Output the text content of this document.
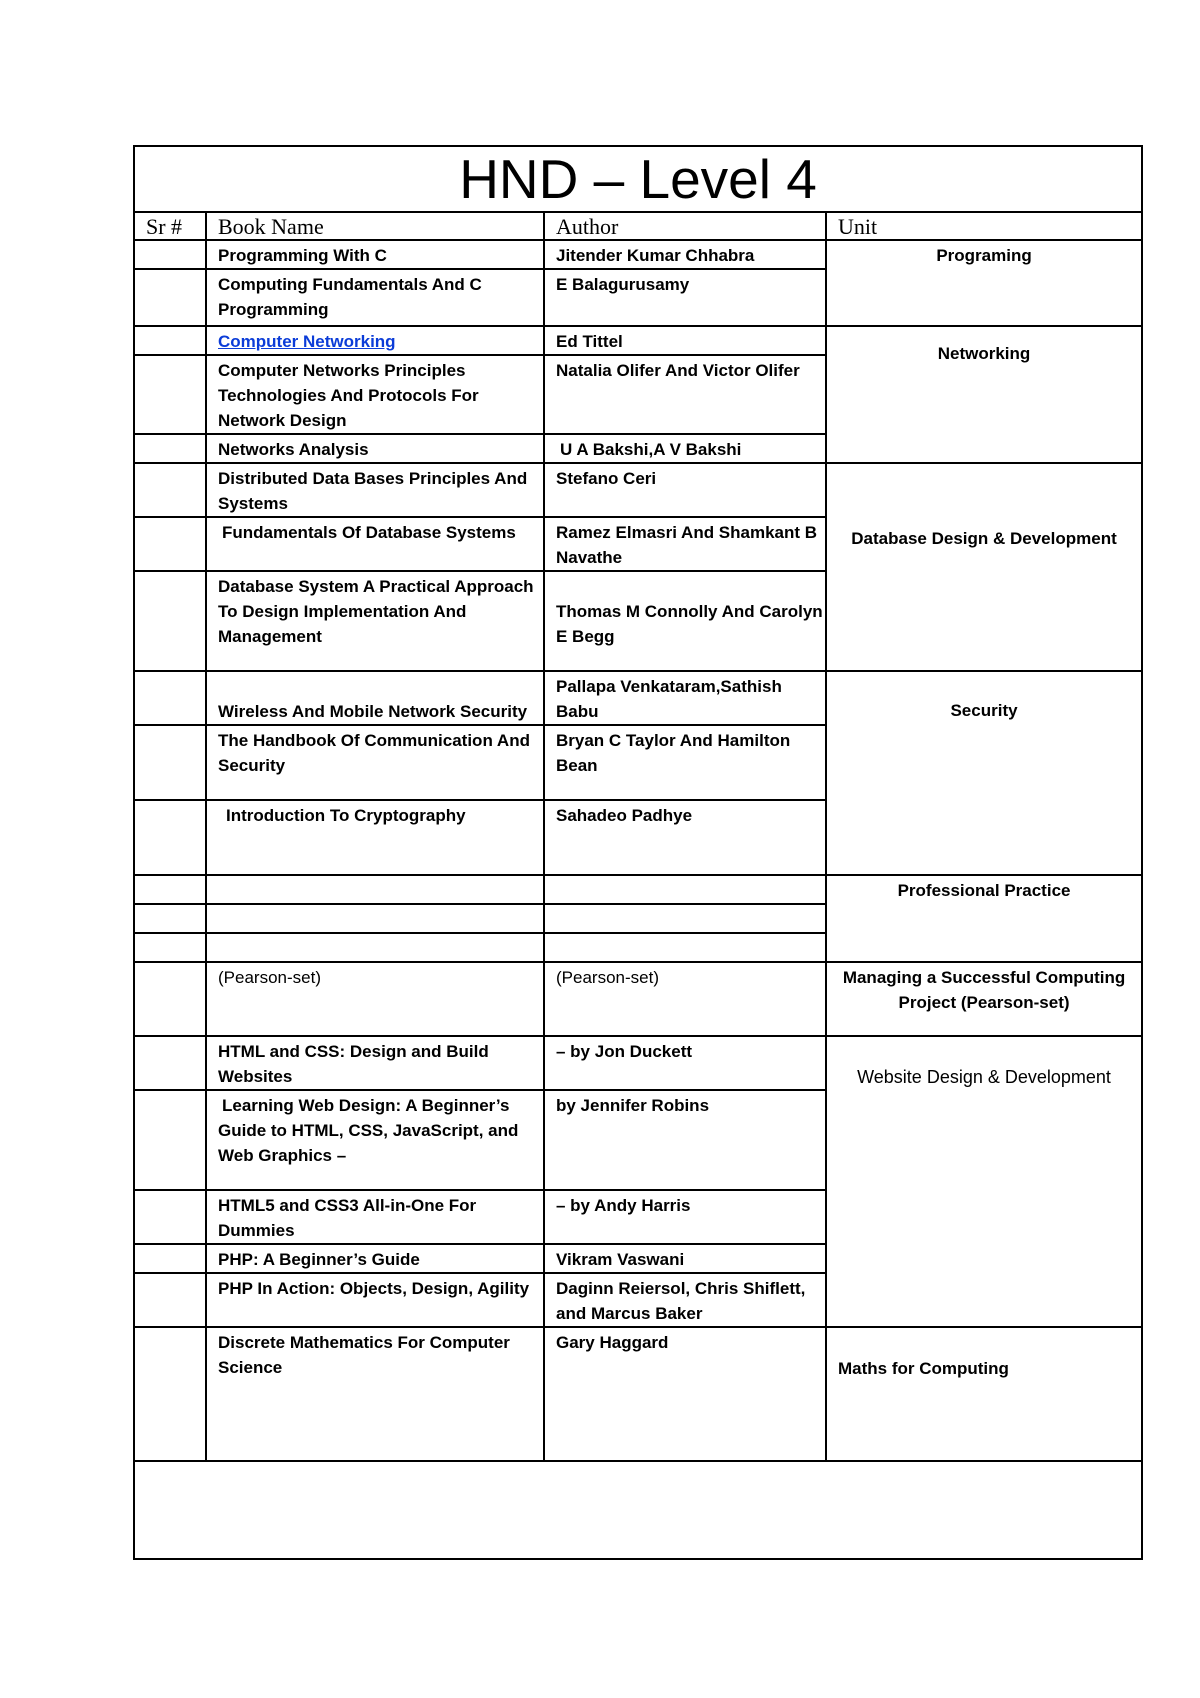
HND – Level 4			
Sr #	Book Name	Author	Unit
	Programming With C	Jitender Kumar Chhabra	Programing
	Computing Fundamentals And C Programming	E Balagurusamy	
	Computer Networking	Ed Tittel	Networking
	Computer Networks Principles Technologies And Protocols For Network Design	Natalia Olifer And Victor Olifer	
	Networks Analysis	U A Bakshi,A V Bakshi	
	Distributed Data Bases Principles And Systems	Stefano Ceri	Database Design & Development
	Fundamentals Of Database Systems	Ramez Elmasri And Shamkant B Navathe	
	Database System A Practical Approach To Design Implementation And Management	Thomas M Connolly And Carolyn E Begg	
	Wireless And Mobile Network Security	Pallapa Venkataram,Sathish Babu	Security
	The Handbook Of Communication And Security	Bryan C Taylor And Hamilton Bean	
	Introduction To Cryptography	Sahadeo Padhye	
			Professional Practice

	(Pearson-set)	(Pearson-set)	Managing a Successful Computing Project (Pearson-set)
	HTML and CSS: Design and Build Websites	– by Jon Duckett	Website Design & Development
	Learning Web Design: A Beginner’s Guide to HTML, CSS, JavaScript, and Web Graphics –	by Jennifer Robins	
	HTML5 and CSS3 All-in-One For Dummies	– by Andy Harris	
	PHP: A Beginner’s Guide	Vikram Vaswani	
	PHP In Action: Objects, Design, Agility	Daginn Reiersol, Chris Shiflett, and Marcus Baker	
	Discrete Mathematics For Computer Science	Gary Haggard	Maths for Computing
